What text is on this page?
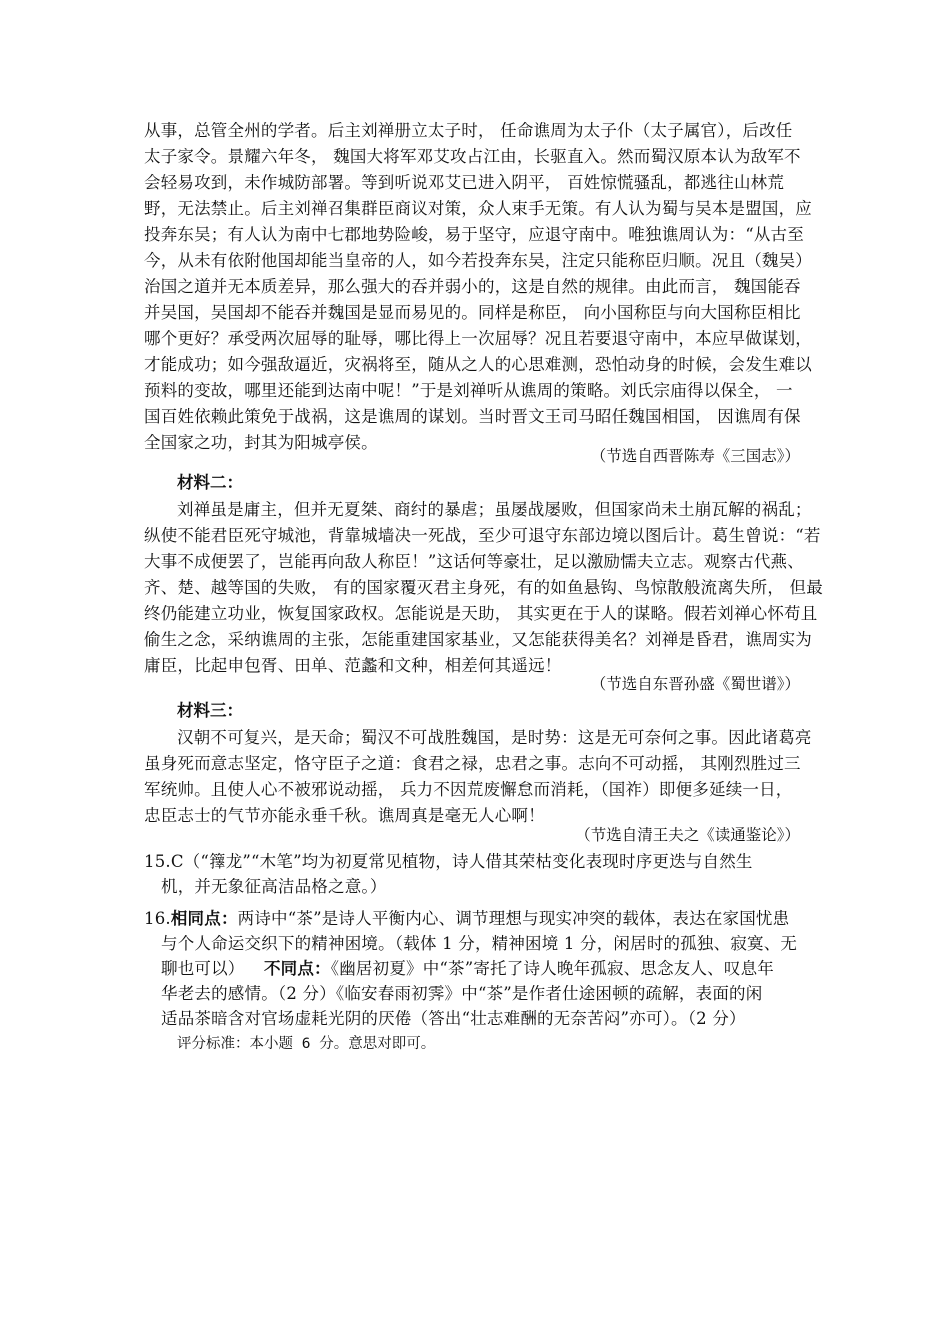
从事，总管全州的学者。后主刘禅册立太子时， 任命谯周为太子仆（太子属官），后改任
太子家令。景耀六年冬， 魏国大将军邓艾攻占江由，长驱直入。然而蜀汉原本认为敌军不
会轻易攻到，未作城防部署。等到听说邓艾已进入阴平， 百姓惊慌骚乱，都逃往山林荒
野，无法禁止。后主刘禅召集群臣商议对策，众人束手无策。有人认为蜀与吴本是盟国，应
投奔东吴；有人认为南中七郡地势险峻，易于坚守，应退守南中。唯独谯周认为：“从古至
今，从未有依附他国却能当皇帝的人，如今若投奔东吴，注定只能称臣归顺。况且（魏吴）
治国之道并无本质差异，那么强大的吞并弱小的，这是自然的规律。由此而言， 魏国能吞
并吴国，吴国却不能吞并魏国是显而易见的。同样是称臣， 向小国称臣与向大国称臣相比
哪个更好？承受两次屈辱的耻辱，哪比得上一次屈辱？况且若要退守南中，本应早做谋划，
才能成功；如今强敌逼近，灾祸将至，随从之人的心思难测，恐怕动身的时候，会发生难以
预料的变故，哪里还能到达南中呢！”于是刘禅听从谯周的策略。刘氏宗庙得以保全， 一
国百姓依赖此策免于战祸，这是谯周的谋划。当时晋文王司马昭任魏国相国， 因谯周有保
全国家之功，封其为阳城亭侯。
（节选自西晋陈寿《三国志》）
材料二：
刘禅虽是庸主，但并无夏桀、商纣的暴虐；虽屡战屡败，但国家尚未土崩瓦解的祸乱；
纵使不能君臣死守城池，背靠城墙决一死战，至少可退守东部边境以图后计。葛生曾说：“若
大事不成便罢了，岂能再向敌人称臣！”这话何等豪壮，足以激励懦夫立志。观察古代燕、
齐、楚、越等国的失败， 有的国家覆灭君主身死，有的如鱼悬钩、鸟惊散般流离失所， 但最
终仍能建立功业，恢复国家政权。怎能说是天助， 其实更在于人的谋略。假若刘禅心怀苟且
偷生之念，采纳谯周的主张，怎能重建国家基业，又怎能获得美名？刘禅是昏君，谯周实为
庸臣，比起申包胥、田单、范蠡和文种，相差何其遥远！
（节选自东晋孙盛《蜀世谱》）
材料三：
汉朝不可复兴，是天命；蜀汉不可战胜魏国，是时势：这是无可奈何之事。因此诸葛亮
虽身死而意志坚定，恪守臣子之道：食君之禄，忠君之事。志向不可动摇， 其刚烈胜过三
军统帅。且使人心不被邪说动摇， 兵力不因荒废懈怠而消耗，（国祚）即便多延续一日，
忠臣志士的气节亦能永垂千秋。谯周真是毫无人心啊！
（节选自清王夫之《读通鉴论》）
15.C（“籜龙”“木笔”均为初夏常见植物，诗人借其荣枯变化表现时序更迭与自然生
机，并无象征高洁品格之意。）
16.相同点：两诗中“茶”是诗人平衡内心、调节理想与现实冲突的载体，表达在家国忧患
与个人命运交织下的精神困境。（载体 1 分，精神困境 1 分，闲居时的孤独、寂寞、无
聊也可以） 不同点：《幽居初夏》中“茶”寄托了诗人晚年孤寂、思念友人、叹息年
华老去的感情。（2 分）《临安春雨初霁》中“茶”是作者仕途困顿的疏解，表面的闲
适品茶暗含对官场虚耗光阴的厌倦（答出“壮志难酬的无奈苦闷”亦可）。（2 分）
评分标准：本小题 6 分。意思对即可。
